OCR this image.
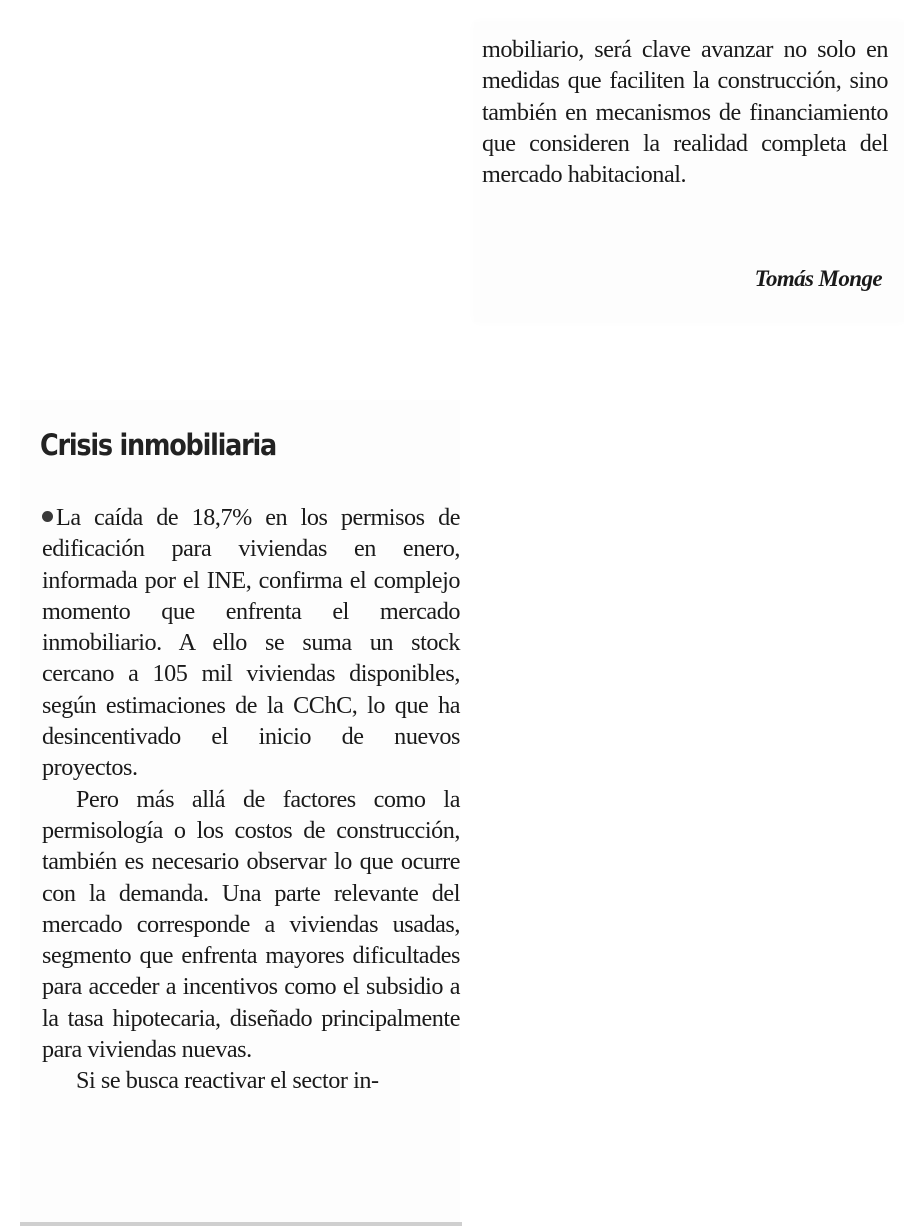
mobiliario, será clave avanzar no solo en medidas que faciliten la construcción, sino también en mecanismos de financiamiento que consideren la realidad completa del mercado habitacional.

Tomás Monge
Crisis inmobiliaria

La caída de 18,7% en los permisos de edificación para viviendas en enero, informada por el INE, confirma el complejo momento que enfrenta el mercado inmobiliario. A ello se suma un stock cercano a 105 mil viviendas disponibles, según estimaciones de la CChC, lo que ha desincentivado el inicio de nuevos proyectos.

Pero más allá de factores como la permisología o los costos de construcción, también es necesario observar lo que ocurre con la demanda. Una parte relevante del mercado corresponde a viviendas usadas, segmento que enfrenta mayores dificultades para acceder a incentivos como el subsidio a la tasa hipotecaria, diseñado principalmente para viviendas nuevas.

Si se busca reactivar el sector in-
